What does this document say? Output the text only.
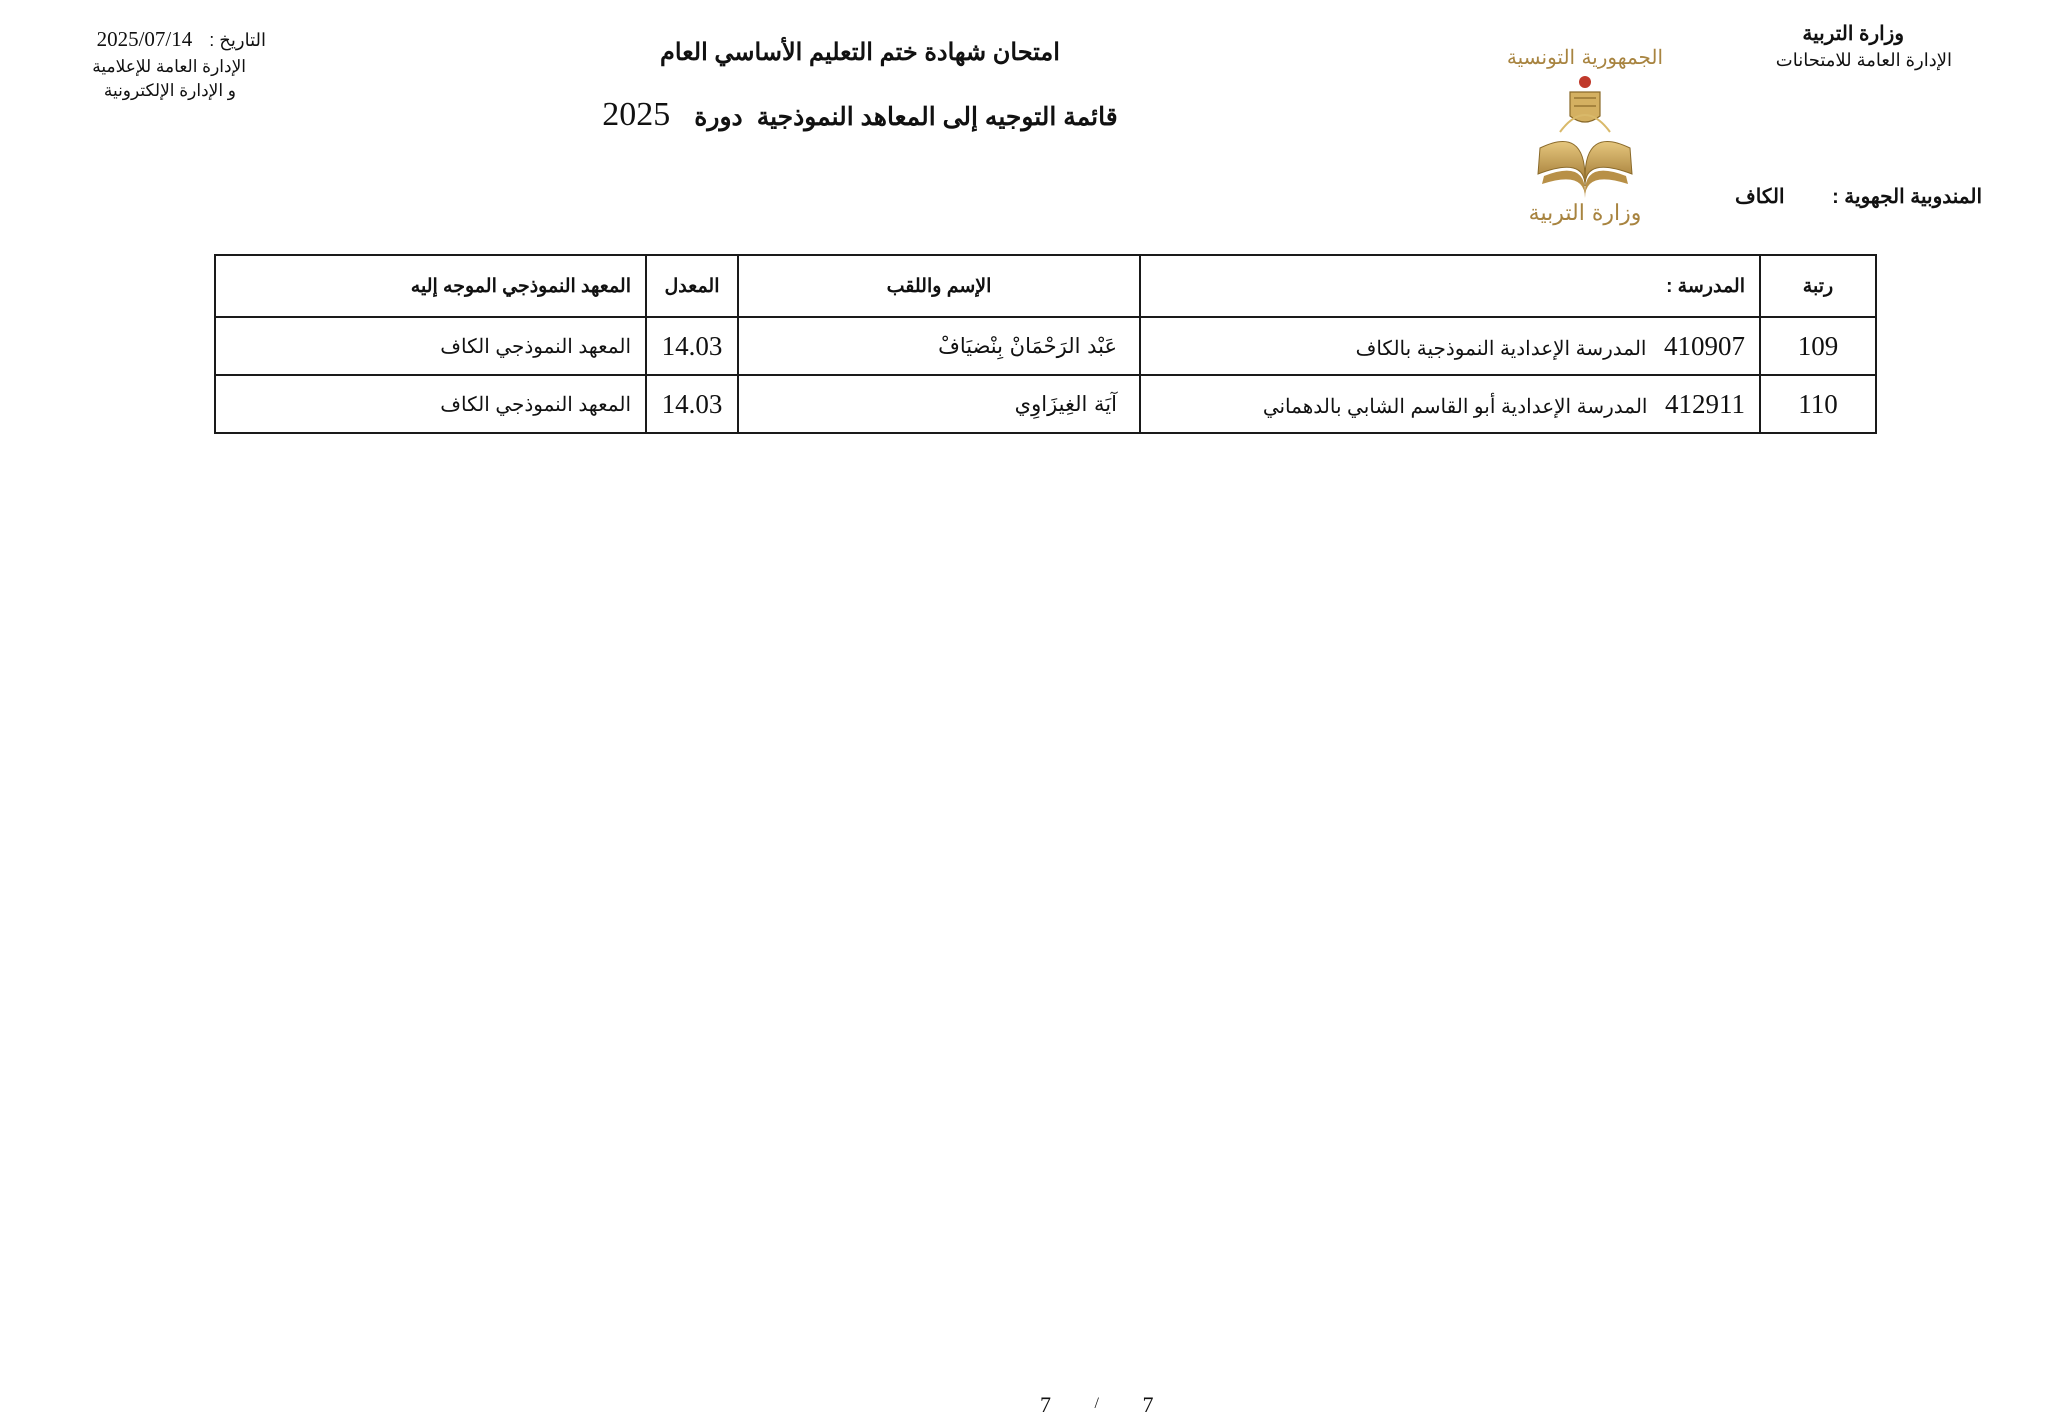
وزارة التربية
الإدارة العامة للامتحانات
الجمهورية التونسية
وزارة التربية
التاريخ : 2025/07/14
الإدارة العامة للإعلامية
و الإدارة الإلكترونية
امتحان شهادة ختم التعليم الأساسي العام
قائمة التوجيه إلى المعاهد النموذجية دورة 2025
المندوبية الجهوية : الكاف
رتبة	المدرسة :	الإسم واللقب	المعدل	المعهد النموذجي الموجه إليه
109	410907 المدرسة الإعدادية النموذجية بالكاف	عَبْد الرَحْمَانْ بِنْضيَافْ	14.03	المعهد النموذجي الكاف
110	412911 المدرسة الإعدادية أبو القاسم الشابي بالدهماني	آيَة الغِيزَاوِي	14.03	المعهد النموذجي الكاف
7	/ 7
